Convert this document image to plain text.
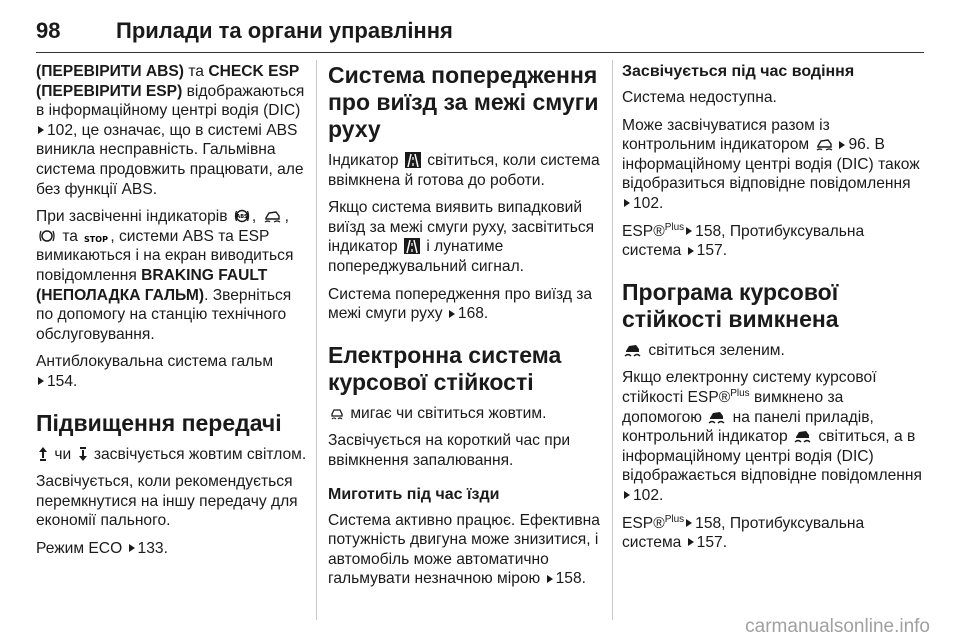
98	Прилади та органи управління

(ПЕРЕВІРИТИ ABS) та CHECK ESP (ПЕРЕВІРИТИ ESP) відображаються в інформаційному центрі водія (DIC) 102, це означає, що в системі ABS виникла несправність. Гальмівна система продовжить працювати, але без функції ABS.

При засвіченні індикаторів ABS , ,
та STOP , системи ABS та ESP вимикаються і на екран виводиться повідомлення BRAKING FAULT (НЕПОЛАДКА ГАЛЬМ). Зверніться по допомогу на станцію технічного обслуговування.

Антиблокувальна система гальм
154.

Підвищення передачі

чи  засвічується жовтим світлом.

Засвічується, коли рекомендується перемкнутися на іншу передачу для економії пального.

Режим ECO 133.

Система попередження про виїзд за межі смуги руху

Індикатор  світиться, коли система ввімкнена й готова до роботи.

Якщо система виявить випадковий виїзд за межі смуги руху, засвітиться індикатор  і лунатиме попереджувальний сигнал.

Система попередження про виїзд за межі смуги руху 168.

Електронна система курсової стійкості

мигає чи світиться жовтим.

Засвічується на короткий час при ввімкнення запалювання.

Миготить під час їзди

Система активно працює. Ефективна потужність двигуна може знизитися, і автомобіль може автоматично гальмувати незначною мірою 158.

Засвічується під час водіння

Система недоступна.

Може засвічуватися разом із контрольним індикатором 96. В інформаційному центрі водія (DIC) також відобразиться відповідне повідомлення 102.

ESP®$^{Plus}$ 158, Протибуксувальна система 157.

Програма курсової стійкості вимкнена

світиться зеленим.

Якщо електронну систему курсової стійкості ESP®$^{Plus}$ вимкнено за допомогою  на панелі приладів, контрольний індикатор  світиться, а в інформаційному центрі водія (DIC) відображається відповідне повідомлення 102.

ESP®$^{Plus}$ 158, Протибуксувальна система 157.

carmanualsonline.info
